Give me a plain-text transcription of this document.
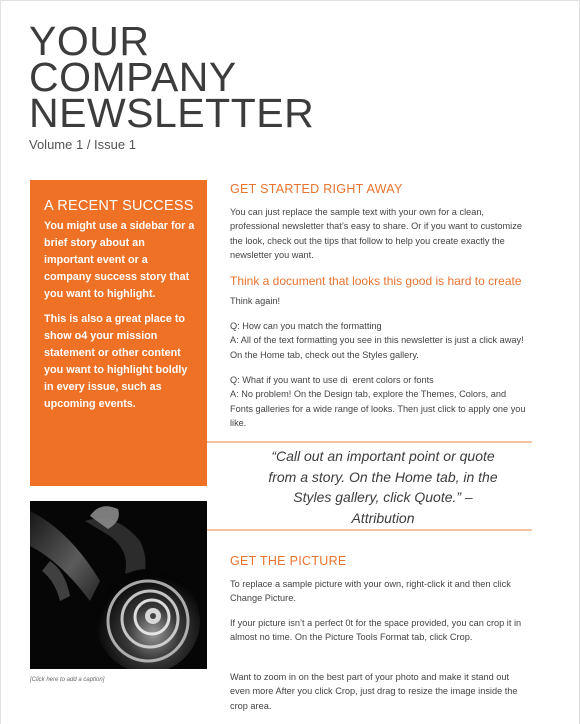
YOUR
COMPANY
NEWSLETTER
Volume 1 / Issue 1
A RECENT SUCCESS

You might use a sidebar for a brief story about an important event or a company success story that you want to highlight.

This is also a great place to show o4 your mission statement or other content you want to highlight boldly in every issue, such as upcoming events.

[Click here to add a caption]
GET STARTED RIGHT AWAY

You can just replace the sample text with your own for a clean, professional newsletter that’s easy to share. Or if you want to customize the look, check out the tips that follow to help you create exactly the newsletter you want.

Think a document that looks this good is hard to create

Think again!

Q: How can you match the formatting
A: All of the text formatting you see in this newsletter is just a click away! On the Home tab, check out the Styles gallery.

Q: What if you want to use di  erent colors or fonts
A: No problem! On the Design tab, explore the Themes, Colors, and Fonts galleries for a wide range of looks. Then just click to apply one you like.

“Call out an important point or quote from a story. On the Home tab, in the Styles gallery, click Quote.” – Attribution
GET THE PICTURE

To replace a sample picture with your own, right-click it and then click Change Picture.

If your picture isn’t a perfect 0t for the space provided, you can crop it in almost no time. On the Picture Tools Format tab, click Crop.

Want to zoom in on the best part of your photo and make it stand out even more After you click Crop, just drag to resize the image inside the crop area.
